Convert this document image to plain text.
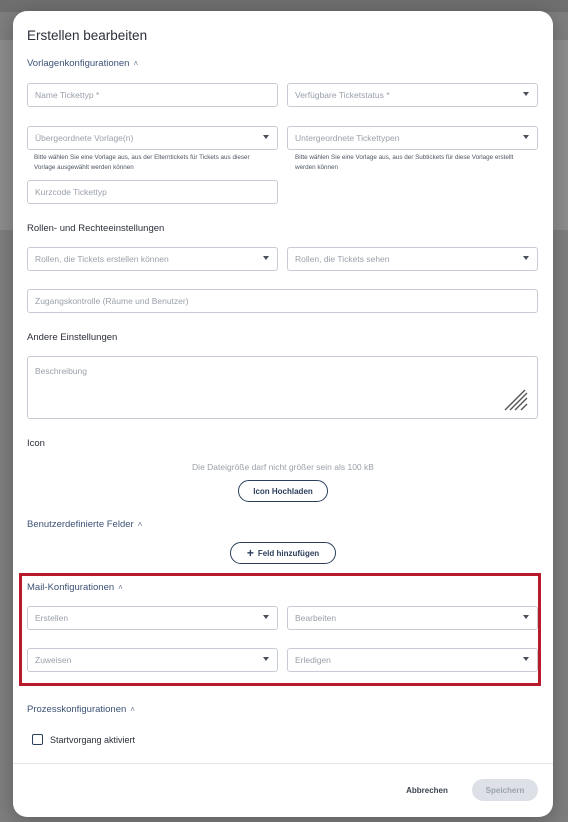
Erstellen bearbeiten
Vorlagenkonfigurationen ˄
Name Tickettyp *	Verfügbare Ticketstatus *
Übergeordnete Vorlage(n)	Untergeordnete Tickettypen
Bitte wählen Sie eine Vorlage aus, aus der Elterntickets für Tickets aus dieser Vorlage ausgewählt werden können
Bitte wählen Sie eine Vorlage aus, aus der Subtickets für diese Vorlage erstellt werden können
Kurzcode Tickettyp
Rollen- und Rechteeinstellungen
Rollen, die Tickets erstellen können	Rollen, die Tickets sehen
Zugangskontrolle (Räume und Benutzer)
Andere Einstellungen
Beschreibung
Icon
Die Dateigröße darf nicht größer sein als 100 kB
Icon Hochladen
Benutzerdefinierte Felder ˄
+ Feld hinzufügen
Mail-Konfigurationen ˄
Erstellen	Bearbeiten
Zuweisen	Erledigen
Prozesskonfigurationen ˄
Startvorgang aktiviert
Abbrechen	Speichern
